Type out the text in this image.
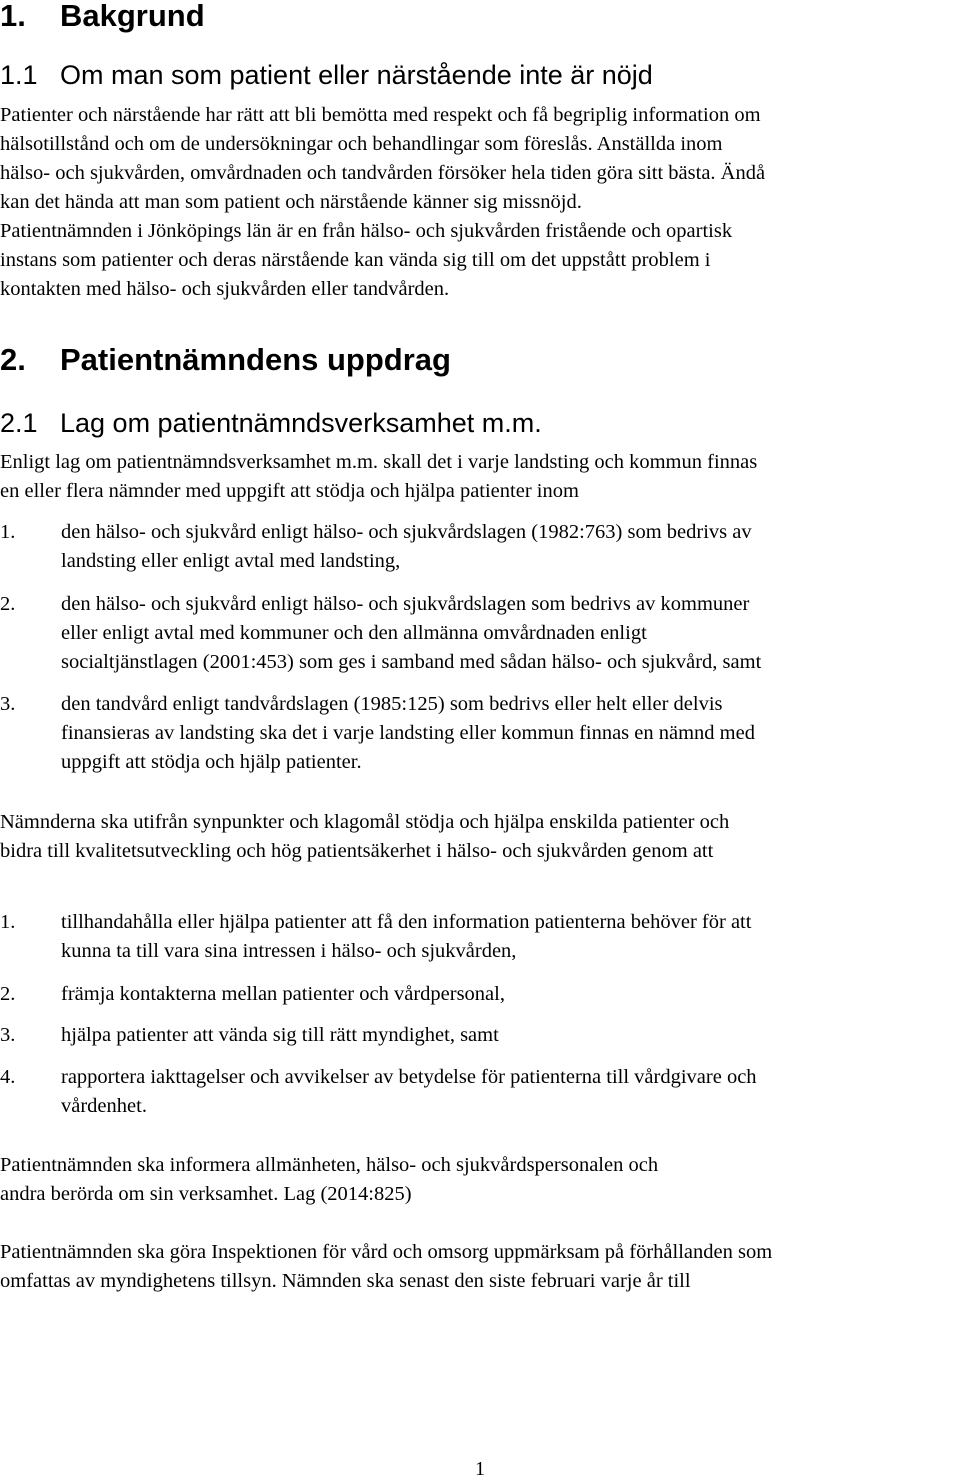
1. Bakgrund
1.1 Om man som patient eller närstående inte är nöjd
Patienter och närstående har rätt att bli bemötta med respekt och få begriplig information om
hälsotillstånd och om de undersökningar och behandlingar som föreslås. Anställda inom
hälso- och sjukvården, omvårdnaden och tandvården försöker hela tiden göra sitt bästa. Ändå
kan det hända att man som patient och närstående känner sig missnöjd.
Patientnämnden i Jönköpings län är en från hälso- och sjukvården fristående och opartisk
instans som patienter och deras närstående kan vända sig till om det uppstått problem i
kontakten med hälso- och sjukvården eller tandvården.
2. Patientnämndens uppdrag
2.1 Lag om patientnämndsverksamhet m.m.
Enligt lag om patientnämndsverksamhet m.m. skall det i varje landsting och kommun finnas
en eller flera nämnder med uppgift att stödja och hjälpa patienter inom
1. den hälso- och sjukvård enligt hälso- och sjukvårdslagen (1982:763) som bedrivs av
landsting eller enligt avtal med landsting,
2. den hälso- och sjukvård enligt hälso- och sjukvårdslagen som bedrivs av kommuner
eller enligt avtal med kommuner och den allmänna omvårdnaden enligt
socialtjänstlagen (2001:453) som ges i samband med sådan hälso- och sjukvård, samt
3. den tandvård enligt tandvårdslagen (1985:125) som bedrivs eller helt eller delvis
finansieras av landsting ska det i varje landsting eller kommun finnas en nämnd med
uppgift att stödja och hjälp patienter.
Nämnderna ska utifrån synpunkter och klagomål stödja och hjälpa enskilda patienter och
bidra till kvalitetsutveckling och hög patientsäkerhet i hälso- och sjukvården genom att
1. tillhandahålla eller hjälpa patienter att få den information patienterna behöver för att
kunna ta till vara sina intressen i hälso- och sjukvården,
2. främja kontakterna mellan patienter och vårdpersonal,
3. hjälpa patienter att vända sig till rätt myndighet, samt
4. rapportera iakttagelser och avvikelser av betydelse för patienterna till vårdgivare och
vårdenhet.
Patientnämnden ska informera allmänheten, hälso- och sjukvårdspersonalen och
andra berörda om sin verksamhet. Lag (2014:825)
Patientnämnden ska göra Inspektionen för vård och omsorg uppmärksam på förhållanden som
omfattas av myndighetens tillsyn. Nämnden ska senast den siste februari varje år till
1
